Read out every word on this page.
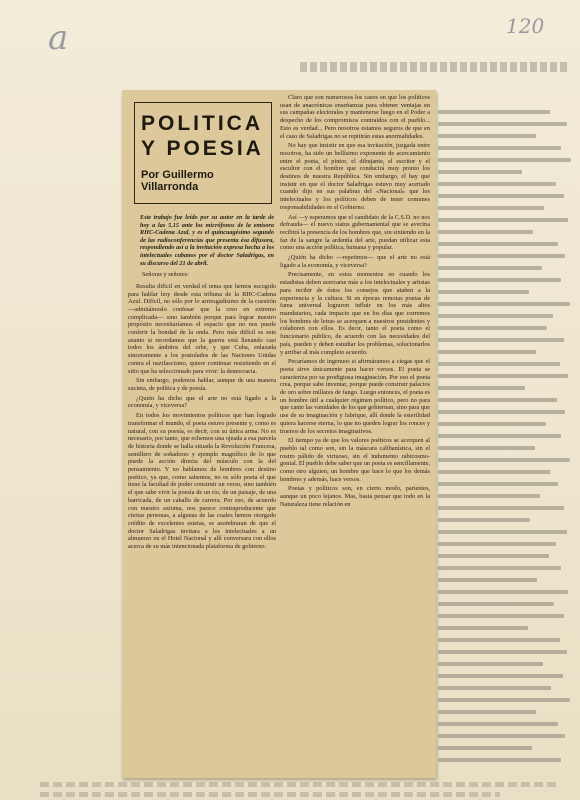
a	120
POLITICA Y POESIA
Por Guillermo Villarronda
Este trabajo fue leído por su autor en la tarde de hoy a las 5.15 ante los micrófonos de la emisora RHC-Cadena Azul, y es el quincuagésimo segundo de las radioconferencias que presenta ésa difusora, respondiendo así a la invitación expresa hecha a los intelectuales cubanos por el doctor Saladrigas, en su discurso del 21 de abril.

Señoras y señores:

Resulta difícil en verdad el tema que hemos escogido para hablar hoy desde esta tribuna de la RHC-Cadena Azul. Difícil, no sólo por lo arriesgadísimo de la cuestión —admitámoslo confesar que la creo en extremo complicada— sino también porque para lograr nuestro propósito necesitaríamos el espacio que no nos puede conferir la bondad de la onda. Pero más difícil es este asunto si recordamos que la guerra está llenando casi todos los ámbitos del orbe, y que Cuba, enlazada sinceramente a los postulados de las Naciones Unidas contra el nazifascismo, quiere continuar resistiendo en el sitio que ha seleccionado para vivir: la democracia.

Sin embargo, podemos hablar, aunque de una manera sucinta, de política y de poesía.

¿Quién ha dicho que el arte no está ligado a la economía, y viceversa?

En todos los movimientos políticos que han logrado transformar el mundo, el poeta estuvo presente y, como es natural, con su poesía, es decir, con su única arma. No es necesario, por tanto, que echemos una ojeada a esa parcela de historia donde se halla situada la Revolución Francesa, semillero de soñadores y ejemplo magnífico de lo que puede la acción directa del músculo con la del pensamiento. Y no hablamos de hombres con destino poético, ya que, como sabemos, no es sólo poeta el que tiene la facultad de poder construir un verso, sino también el que sabe vivir la poesía de un río, de un paisaje, de una barricada, de un caballo de carrera. Por eso, de acuerdo con nuestro axioma, nos parece contraproducente que ciertas personas, a algunas de las cuales hemos otorgado crédito de excelentes estetas, se asombraran de que el doctor Saladrigas invitara a los intelectuales a un almuerzo en el Hotel Nacional y allí conversara con ellos acerca de su más intencionada plataforma de gobierno.

Claro que son numerosos los casos en que los políticos usan de anacrónicas enseñanzas para obtener ventajas en sus campañas electorales y mantenerse luego en el Poder a despecho de los compromisos contraídos con el pueblo... Esto es verdad... Pero nosotros estamos seguros de que en el caso de Saladrigas no se repitirán estas anormalidades.

No hay que insistir en que esa invitación, juzgada entre nosotros, ha sido un bellísimo exponente de acercamiento entre el poeta, el pintor, el dibujante, el escritor y el escultor con el hombre que conducirá muy pronto los destinos de nuestra República. Sin embargo, el hay que insistir en que el doctor Saladrigas estuvo muy acertado cuando dijo en sus palabras del «Nacional» que los intelectuales y los políticos deben de tener comunes responsabilidades en el Gobierno.

Así —y esperamos que el candidato de la C.S.D. no nos defrauda— el nuevo status gubernamental que se avecina recibirá la presencia de los hombres que, sin sintiendo en la faz de la sangre la ardentía del arte, puedan utilizar esta como una acción política, humana y popular.

¿Quién ha dicho —repetimos— que el arte no está ligado a la economía, y viceversa?

Precisamente, en estos momentos en cuando los estadistas deben acercarse más a los intelectuales y artistas para recibir de éstos los consejos que atañen a la experiencia y la cultura. Si en épocas remotas poetas de fama universal lograron influir en los más altos mandatarios, cada impacto que en los días que corremos los hombres de letras se acerquen a nuestros presidentes y colaboren con ellos. Es decir, tanto el poeta como el funcionario público, de acuerdo con las necesidades del país, pueden y deben estudiar los problemas, solucionarlos y arribar al más completo acuerdo.

Pecaríamos de ingenuos si afirmáramos a ciegas que el poeta sirve únicamente para hacer versos. El poeta se caracteriza por su prodigiosa imaginación. Por eso el poeta crea, porque sabe inventar, porque puede construir palacios de oro sobre millares de fango. Luego entonces, el poeta es un hombre útil a cualquier régimen político, pero no para que cante las vanidades de los que gobiernan, sino para que use de su imaginación y fabrique, allí donde la esterilidad quiera hacerse eterna, lo que no queden lograr los ronces y truenos de los secretos imaginativos.

El tiempo ya de que los valores poéticos se acerquen al pueblo tal como son, sin la máscara calibanística, sin el rostro pálido de virtuoso, sin el indumento rabicosmogonial. El pueblo debe saber que un poeta es sencillamente, como otro alguien, un hombre que hace lo que los demás hombres y además, hace versos.

Poetas y políticos son, en cierto modo, parientes, aunque un poco lejanos. Mas, basta pensar que todo en la Naturaleza tiene relación en
